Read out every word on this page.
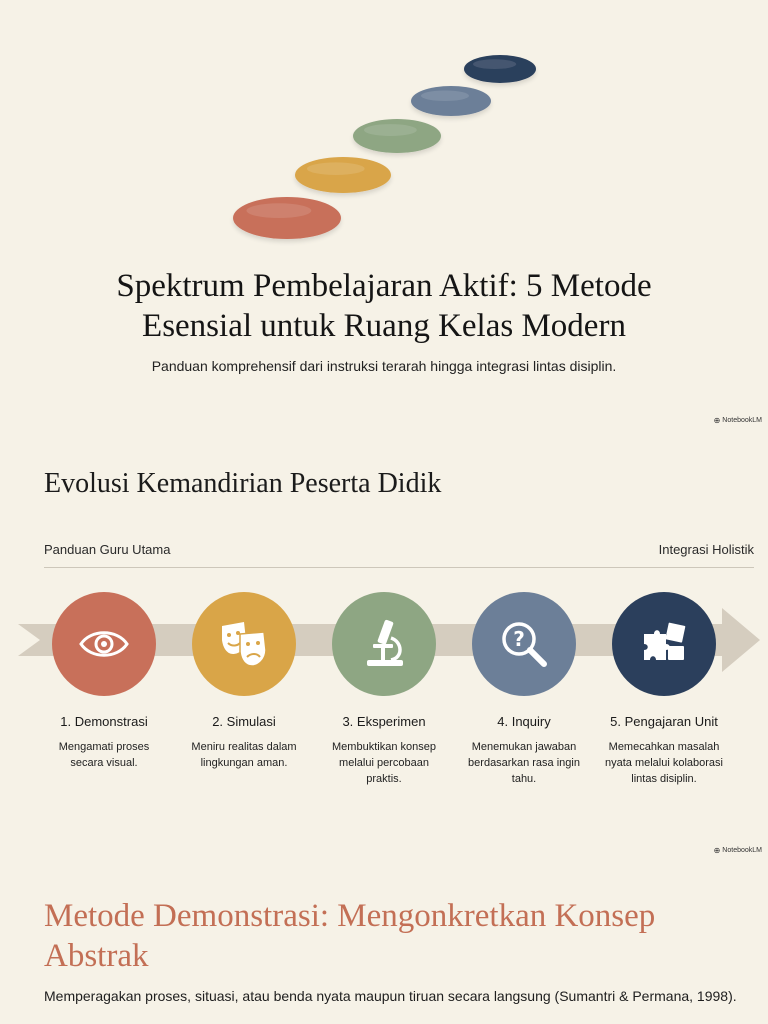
Spektrum Pembelajaran Aktif: 5 Metode
Esensial untuk Ruang Kelas Modern
Panduan komprehensif dari instruksi terarah hingga integrasi lintas disiplin.
⊕ NotebookLM
Evolusi Kemandirian Peserta Didik
Panduan Guru Utama	Integrasi Holistik
1. Demonstrasi
Mengamati proses secara visual.
2. Simulasi
Meniru realitas dalam lingkungan aman.
3. Eksperimen
Membuktikan konsep melalui percobaan praktis.
?
4. Inquiry
Menemukan jawaban berdasarkan rasa ingin tahu.
5. Pengajaran Unit
Memecahkan masalah nyata melalui kolaborasi lintas disiplin.
⊕ NotebookLM
Metode Demonstrasi: Mengonkretkan Konsep Abstrak
Memperagakan proses, situasi, atau benda nyata maupun tiruan secara langsung (Sumantri & Permana, 1998).
